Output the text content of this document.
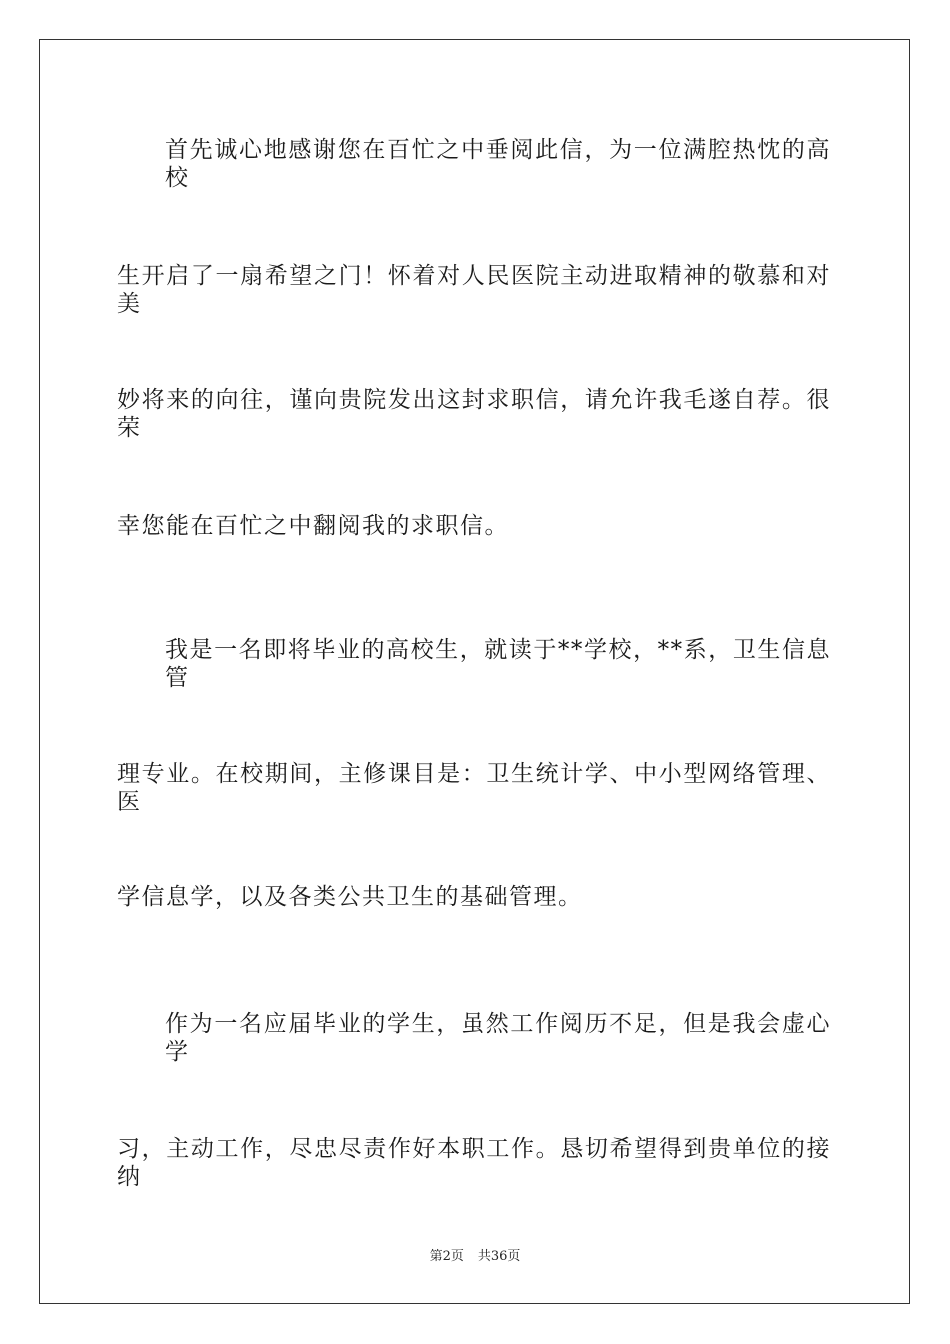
首先诚心地感谢您在百忙之中垂阅此信，为一位满腔热忱的高校
生开启了一扇希望之门！怀着对人民医院主动进取精神的敬慕和对美
妙将来的向往，谨向贵院发出这封求职信，请允许我毛遂自荐。很荣
幸您能在百忙之中翻阅我的求职信。
我是一名即将毕业的高校生，就读于**学校，**系，卫生信息管
理专业。在校期间，主修课目是：卫生统计学、中小型网络管理、医
学信息学，以及各类公共卫生的基础管理。
作为一名应届毕业的学生，虽然工作阅历不足，但是我会虚心学
习，主动工作，尽忠尽责作好本职工作。恳切希望得到贵单位的接纳
第2页 共36页
